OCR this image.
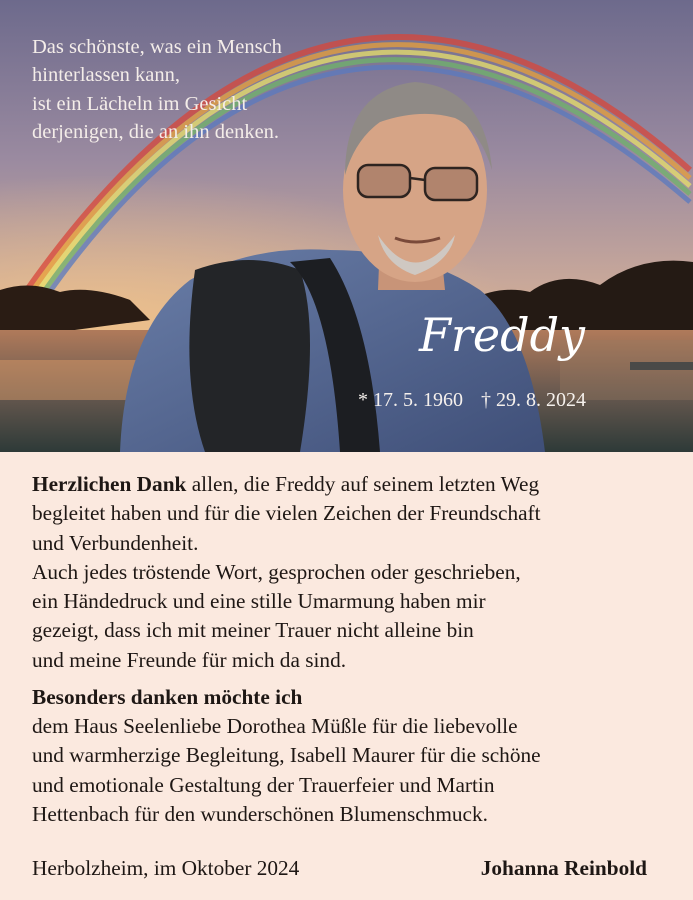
Das schönste, was ein Mensch
hinterlassen kann,
ist ein Lächeln im Gesicht
derjenigen, die an ihn denken.
Freddy
* 17. 5. 1960 † 29. 8. 2024

Herzlichen Dank allen, die Freddy auf seinem letzten Weg
begleitet haben und für die vielen Zeichen der Freundschaft
und Verbundenheit.

Auch jedes tröstende Wort, gesprochen oder geschrieben,
ein Händedruck und eine stille Umarmung haben mir
gezeigt, dass ich mit meiner Trauer nicht alleine bin
und meine Freunde für mich da sind.

Besonders danken möchte ich

dem Haus Seelenliebe Dorothea Müßle für die liebevolle
und warmherzige Begleitung, Isabell Maurer für die schöne
und emotionale Gestaltung der Trauerfeier und Martin
Hettenbach für den wunderschönen Blumenschmuck.

Herbolzheim, im Oktober 2024	Johanna Reinbold
